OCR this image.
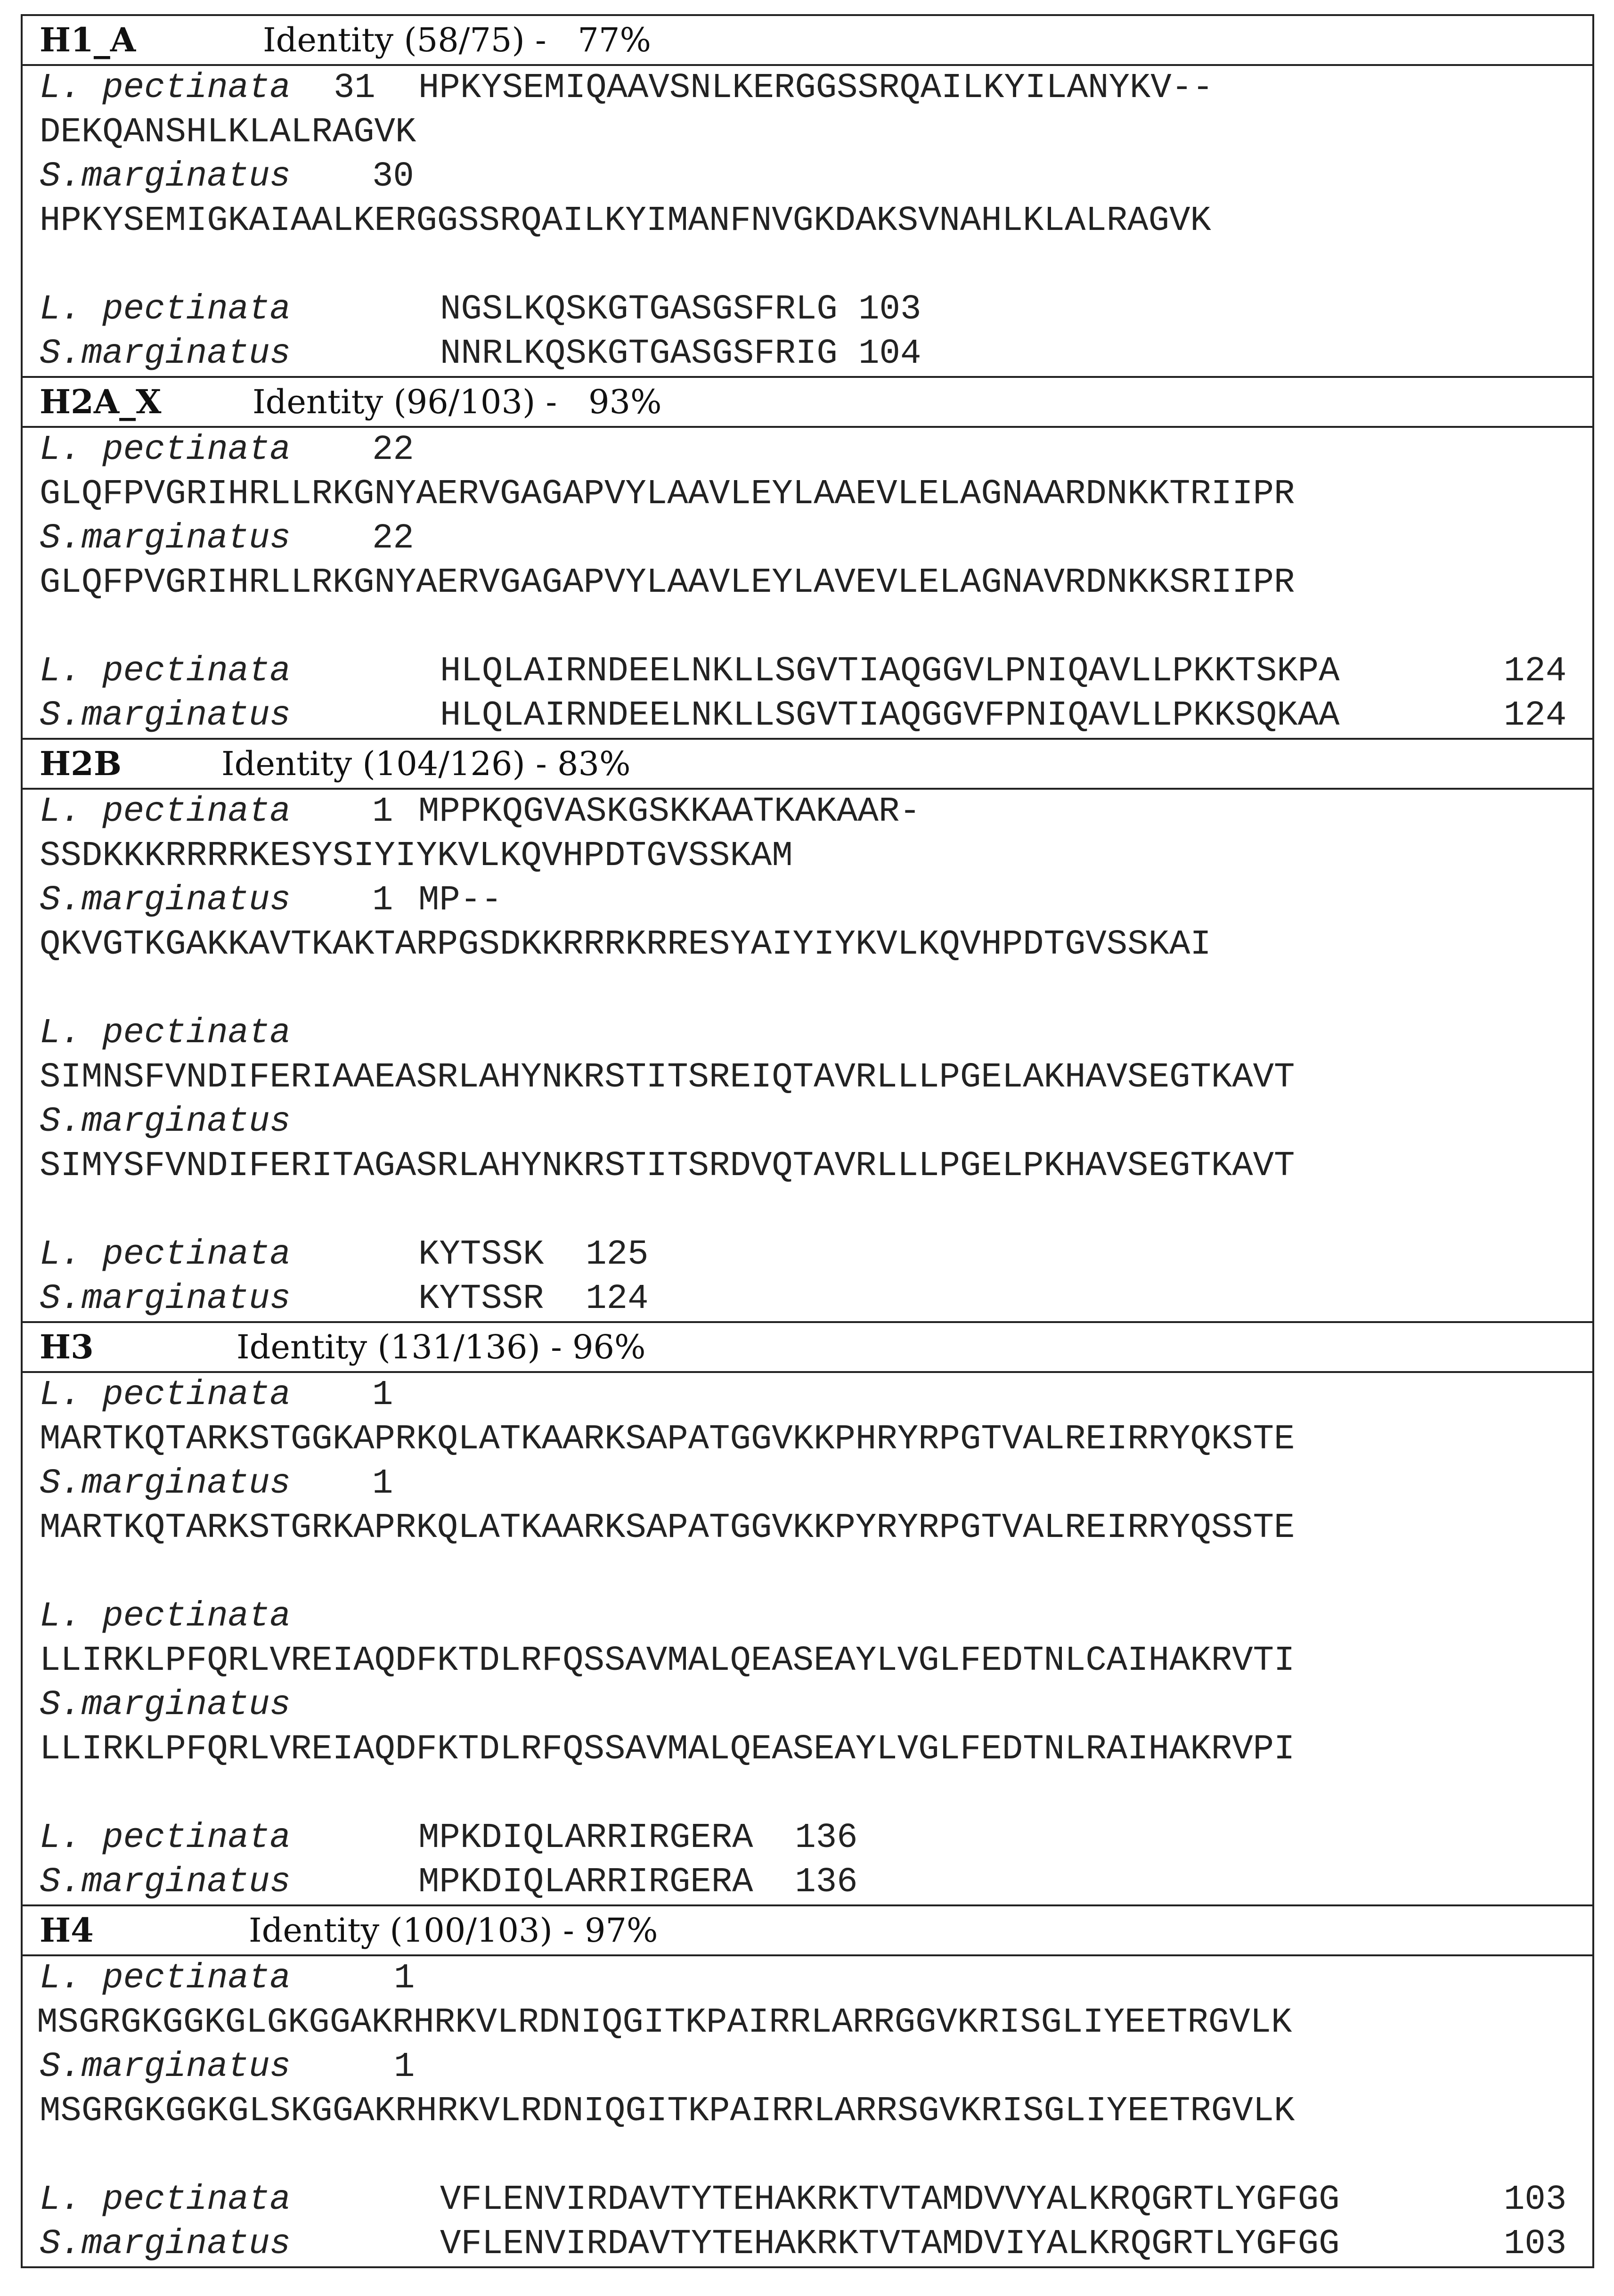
H1_A

	Identity (58/75) -   77%

L. pectinata 31 HPKYSEMIQAAVSNLKERGGSSRQAILKYILANYKV--
DEKQANSHLKLALRAGVK
S.marginatus 30
HPKYSEMIGKAIAALKERGGSSRQAILKYIMANFNVGKDAKSVNAHLKLALRAGVK
L. pectinata	NGSLKQSKGTGASGSFRLG 103
S.marginatus	NNRLKQSKGTGASGSFRIG 104

H2A_X

	Identity (96/103) -   93%

L. pectinata 22
GLQFPVGRIHRLLRKGNYAERVGAGAPVYLAAVLEYLAAEVLELAGNAARDNKKTRIIPR
S.marginatus 22
GLQFPVGRIHRLLRKGNYAERVGAGAPVYLAAVLEYLAVEVLELAGNAVRDNKKSRIIPR
L. pectinata	HLQLAIRNDEELNKLLSGVTIAQGGVLPNIQAVLLPKKTSKPA	124
S.marginatus	HLQLAIRNDEELNKLLSGVTIAQGGVFPNIQAVLLPKKSQKAA	124

H2B

	Identity (104/126) - 83%

L. pectinata 1 MPPKQGVASKGSKKAATKAKAAR-
SSDKKKRRRRKESYSIYIYKVLKQVHPDTGVSSKAM
S.marginatus 1 MP--
QKVGTKGAKKAVTKAKTARPGSDKKRRRKRRESYAIYIYKVLKQVHPDTGVSSKAI
L. pectinata
SIMNSFVNDIFERIAAEASRLAHYNKRSTITSREIQTAVRLLLPGELAKHAVSEGTKAVT
S.marginatus
SIMYSFVNDIFERITAGASRLAHYNKRSTITSRDVQTAVRLLLPGELPKHAVSEGTKAVT
L. pectinata	KYTSSK  125
S.marginatus	KYTSSR  124

H3

	Identity (131/136) - 96%

L. pectinata 1
MARTKQTARKSTGGKAPRKQLATKAARKSAPATGGVKKPHRYRPGTVALREIRRYQKSTE
S.marginatus 1
MARTKQTARKSTGRKAPRKQLATKAARKSAPATGGVKKPYRYRPGTVALREIRRYQSSTE
L. pectinata
LLIRKLPFQRLVREIAQDFKTDLRFQSSAVMALQEASEAYLVGLFEDTNLCAIHAKRVTI
S.marginatus
LLIRKLPFQRLVREIAQDFKTDLRFQSSAVMALQEASEAYLVGLFEDTNLRAIHAKRVPI
L. pectinata	MPKDIQLARRIRGERA  136
S.marginatus	MPKDIQLARRIRGERA  136

H4

	Identity (100/103) - 97%

L. pectinata	1
MSGRGKGGKGLGKGGAKRHRKVLRDNIQGITKPAIRRLARRGGVKRISGLIYEETRGVLK
S.marginatus	1
MSGRGKGGKGLSKGGAKRHRKVLRDNIQGITKPAIRRLARRSGVKRISGLIYEETRGVLK
L. pectinata	VFLENVIRDAVTYTEHAKRKTVTAMDVVYALKRQGRTLYGFGG	103
S.marginatus	VFLENVIRDAVTYTEHAKRKTVTAMDVIYALKRQGRTLYGFGG	103
